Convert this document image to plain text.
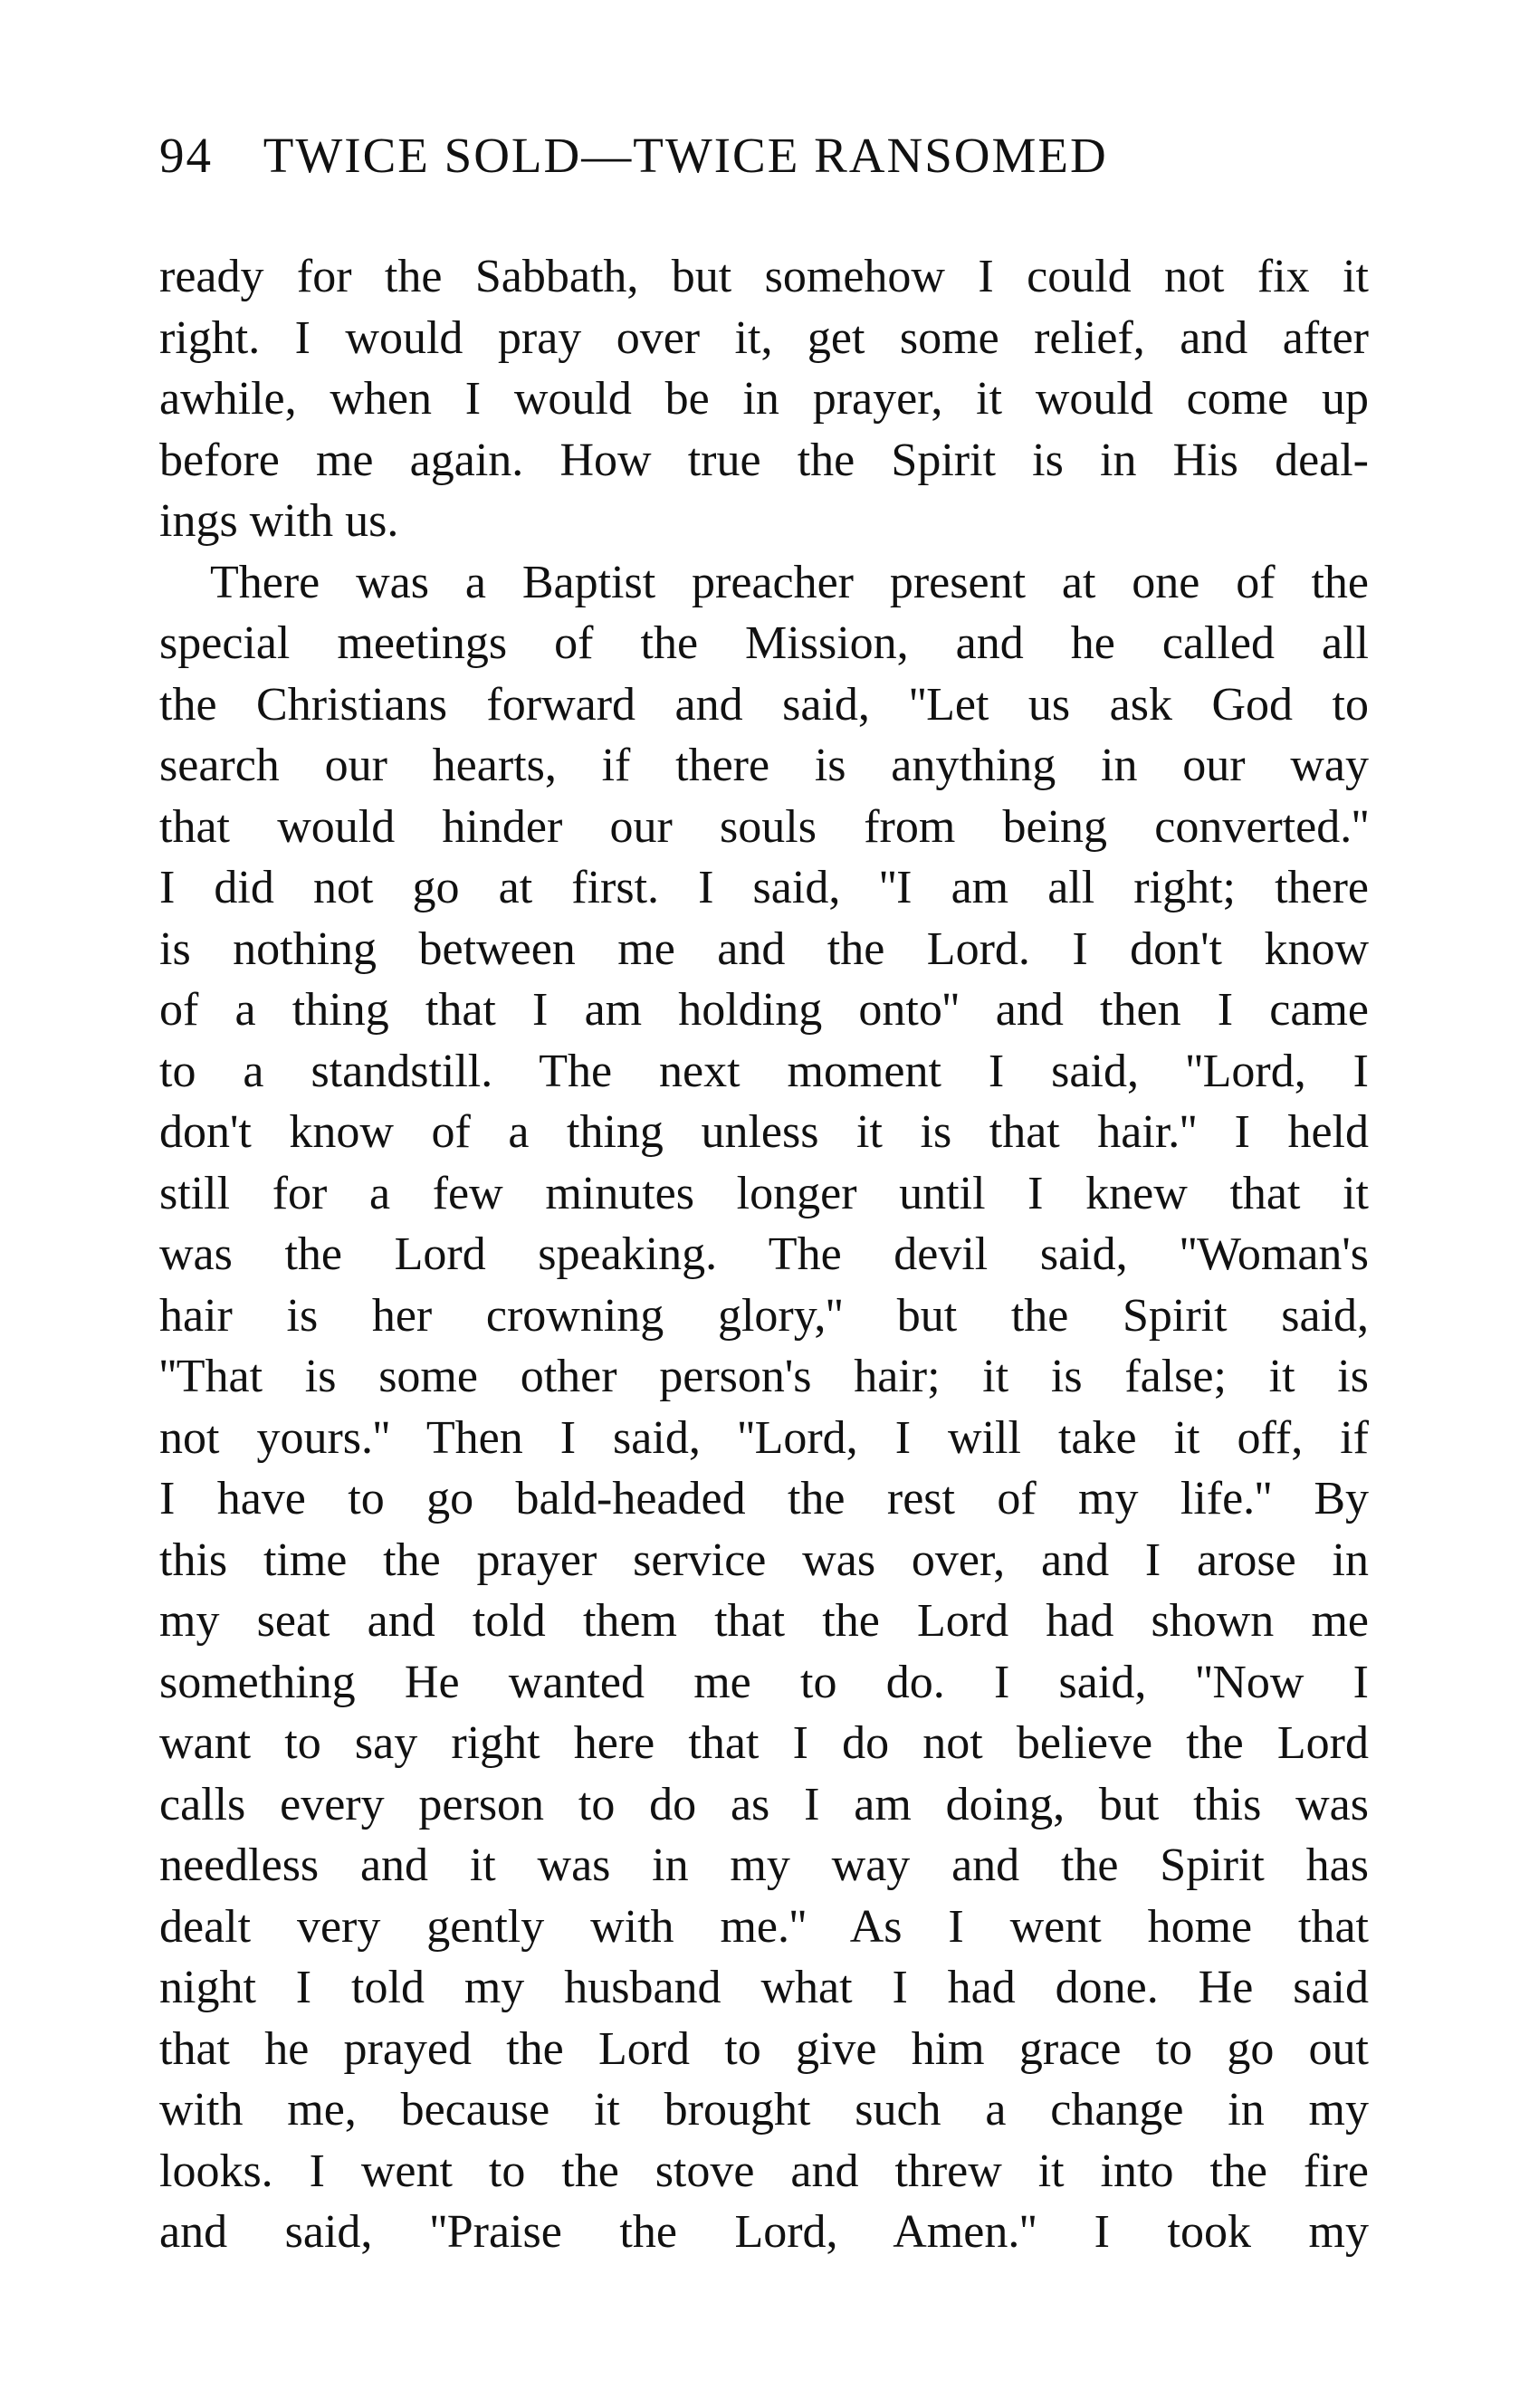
94 TWICE SOLD—TWICE RANSOMED
ready for the Sabbath, but somehow I could not fix it
right. I would pray over it, get some relief, and after
awhile, when I would be in prayer, it would come up
before me again. How true the Spirit is in His deal-
ings with us.
There was a Baptist preacher present at one of the
special meetings of the Mission, and he called all
the Christians forward and said, ''Let us ask God to
search our hearts, if there is anything in our way
that would hinder our souls from being converted.''
I did not go at first. I said, ''I am all right; there
is nothing between me and the Lord. I don't know
of a thing that I am holding onto'' and then I came
to a standstill. The next moment I said, ''Lord, I
don't know of a thing unless it is that hair.'' I held
still for a few minutes longer until I knew that it
was the Lord speaking. The devil said, ''Woman's
hair is her crowning glory,'' but the Spirit said,
''That is some other person's hair; it is false; it is
not yours.'' Then I said, ''Lord, I will take it off, if
I have to go bald-headed the rest of my life.'' By
this time the prayer service was over, and I arose in
my seat and told them that the Lord had shown me
something He wanted me to do. I said, ''Now I
want to say right here that I do not believe the Lord
calls every person to do as I am doing, but this was
needless and it was in my way and the Spirit has
dealt very gently with me.'' As I went home that
night I told my husband what I had done. He said
that he prayed the Lord to give him grace to go out
with me, because it brought such a change in my
looks. I went to the stove and threw it into the fire
and said, ''Praise the Lord, Amen.'' I took my
